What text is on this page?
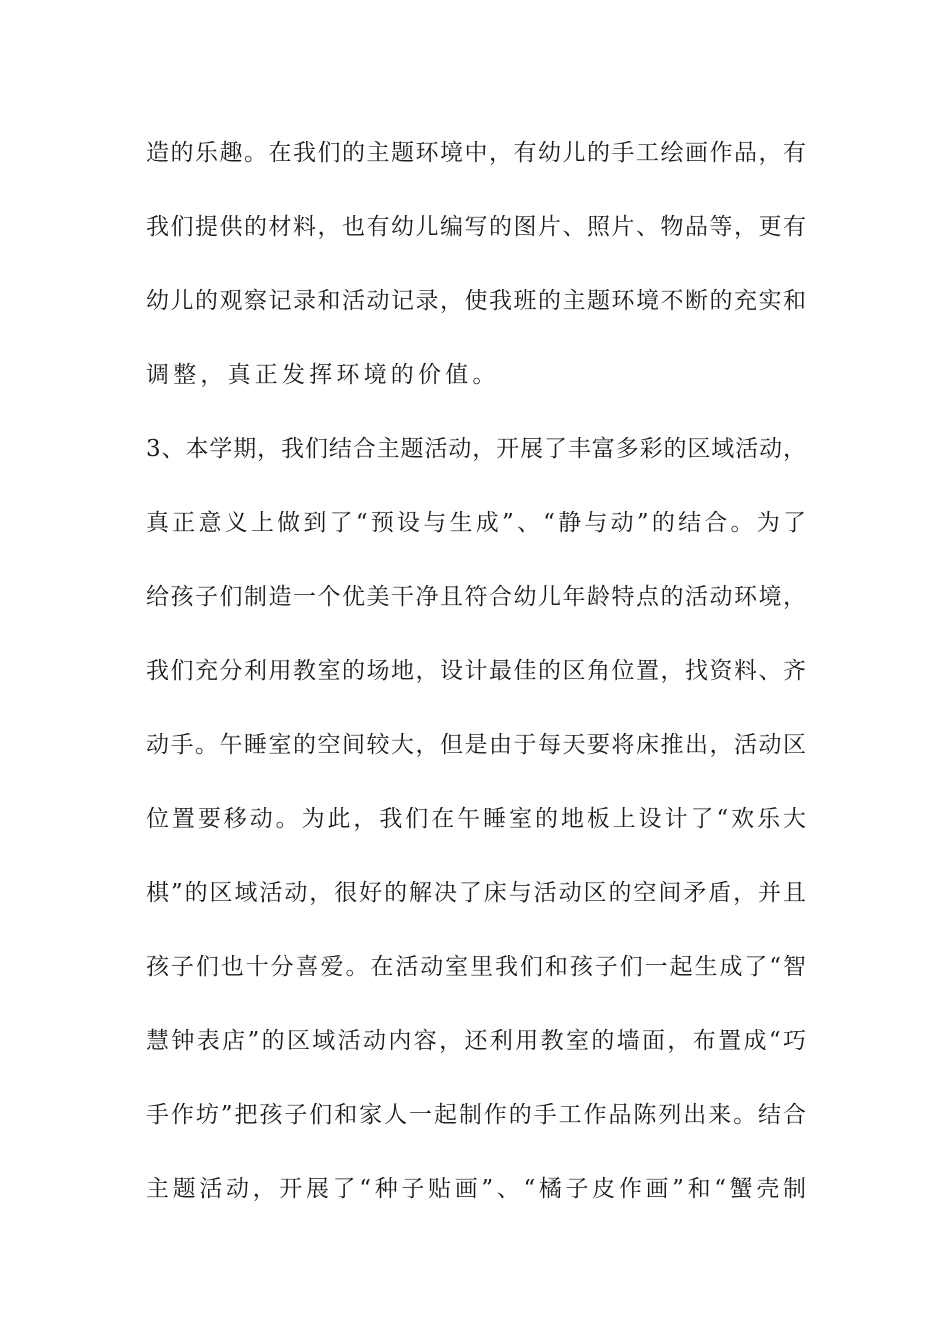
造的乐趣。在我们的主题环境中，有幼儿的手工绘画作品，有
我们提供的材料，也有幼儿编写的图片、照片、物品等，更有
幼儿的观察记录和活动记录，使我班的主题环境不断的充实和
调整，真正发挥环境的价值。
3、本学期，我们结合主题活动，开展了丰富多彩的区域活动，
真正意义上做到了“预设与生成”、“静与动”的结合。为了
给孩子们制造一个优美干净且符合幼儿年龄特点的活动环境，
我们充分利用教室的场地，设计最佳的区角位置，找资料、齐
动手。午睡室的空间较大，但是由于每天要将床推出，活动区
位置要移动。为此，我们在午睡室的地板上设计了“欢乐大
棋”的区域活动，很好的解决了床与活动区的空间矛盾，并且
孩子们也十分喜爱。在活动室里我们和孩子们一起生成了“智
慧钟表店”的区域活动内容，还利用教室的墙面，布置成“巧
手作坊”把孩子们和家人一起制作的手工作品陈列出来。结合
主题活动，开展了“种子贴画”、“橘子皮作画”和“蟹壳制
